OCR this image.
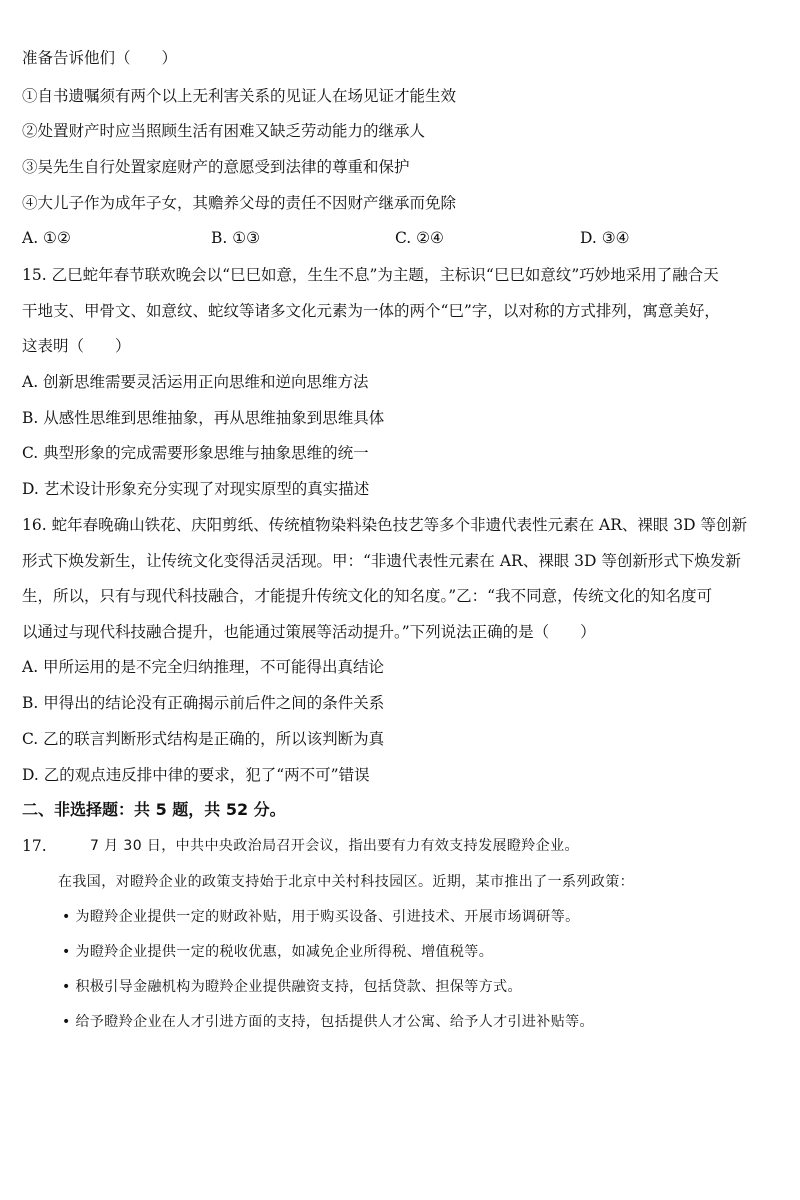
准备告诉他们（　　）
①自书遗嘱须有两个以上无利害关系的见证人在场见证才能生效
②处置财产时应当照顾生活有困难又缺乏劳动能力的继承人
③吴先生自行处置家庭财产的意愿受到法律的尊重和保护
④大儿子作为成年子女，其赡养父母的责任不因财产继承而免除
A. ①②	B. ①③	C. ②④	D. ③④
15. 乙巳蛇年春节联欢晚会以“巳巳如意，生生不息”为主题，主标识“巳巳如意纹”巧妙地采用了融合天
干地支、甲骨文、如意纹、蛇纹等诸多文化元素为一体的两个“巳”字，以对称的方式排列，寓意美好，
这表明（　　）
A. 创新思维需要灵活运用正向思维和逆向思维方法
B. 从感性思维到思维抽象，再从思维抽象到思维具体
C. 典型形象的完成需要形象思维与抽象思维的统一
D. 艺术设计形象充分实现了对现实原型的真实描述
16. 蛇年春晚确山铁花、庆阳剪纸、传统植物染料染色技艺等多个非遗代表性元素在 AR、裸眼 3D 等创新
形式下焕发新生，让传统文化变得活灵活现。甲：“非遗代表性元素在 AR、裸眼 3D 等创新形式下焕发新
生，所以，只有与现代科技融合，才能提升传统文化的知名度。”乙：“我不同意，传统文化的知名度可
以通过与现代科技融合提升，也能通过策展等活动提升。”下列说法正确的是（　　）
A. 甲所运用的是不完全归纳推理，不可能得出真结论
B. 甲得出的结论没有正确揭示前后件之间的条件关系
C. 乙的联言判断形式结构是正确的，所以该判断为真
D. 乙的观点违反排中律的要求，犯了“两不可”错误
二、非选择题：共 5 题，共 52 分。
17.	7 月 30 日，中共中央政治局召开会议，指出要有力有效支持发展瞪羚企业。
在我国，对瞪羚企业的政策支持始于北京中关村科技园区。近期，某市推出了一系列政策：
• 为瞪羚企业提供一定的财政补贴，用于购买设备、引进技术、开展市场调研等。
• 为瞪羚企业提供一定的税收优惠，如减免企业所得税、增值税等。
• 积极引导金融机构为瞪羚企业提供融资支持，包括贷款、担保等方式。
• 给予瞪羚企业在人才引进方面的支持，包括提供人才公寓、给予人才引进补贴等。
